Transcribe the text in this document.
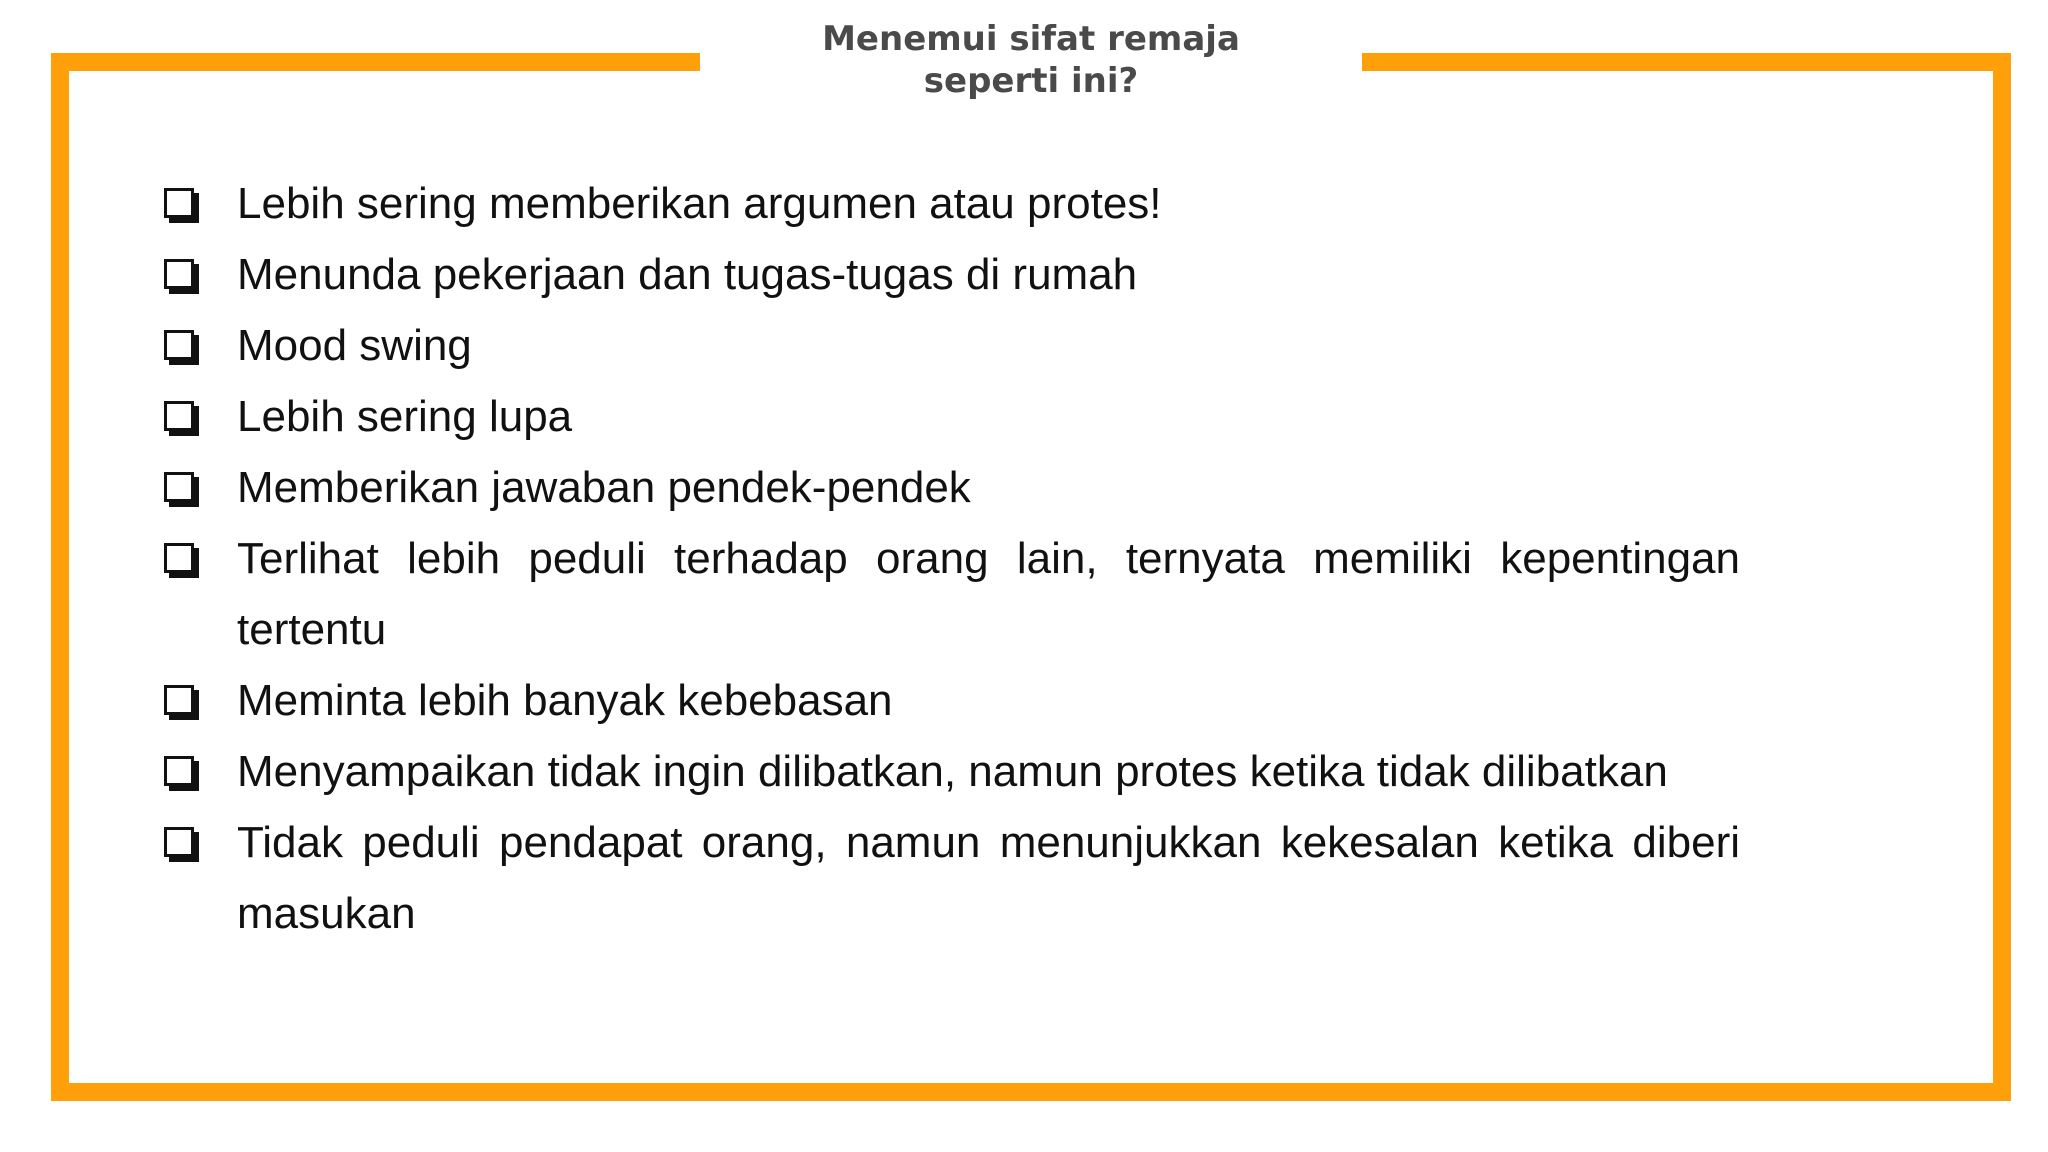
Menemui sifat remaja
seperti ini?
Lebih sering memberikan argumen atau protes!
Menunda pekerjaan dan tugas-tugas di rumah
Mood swing
Lebih sering lupa
Memberikan jawaban pendek-pendek
Terlihat lebih peduli terhadap orang lain, ternyata memiliki kepentingan tertentu
Meminta lebih banyak kebebasan
Menyampaikan tidak ingin dilibatkan, namun protes ketika tidak dilibatkan
Tidak peduli pendapat orang, namun menunjukkan kekesalan ketika diberi masukan
